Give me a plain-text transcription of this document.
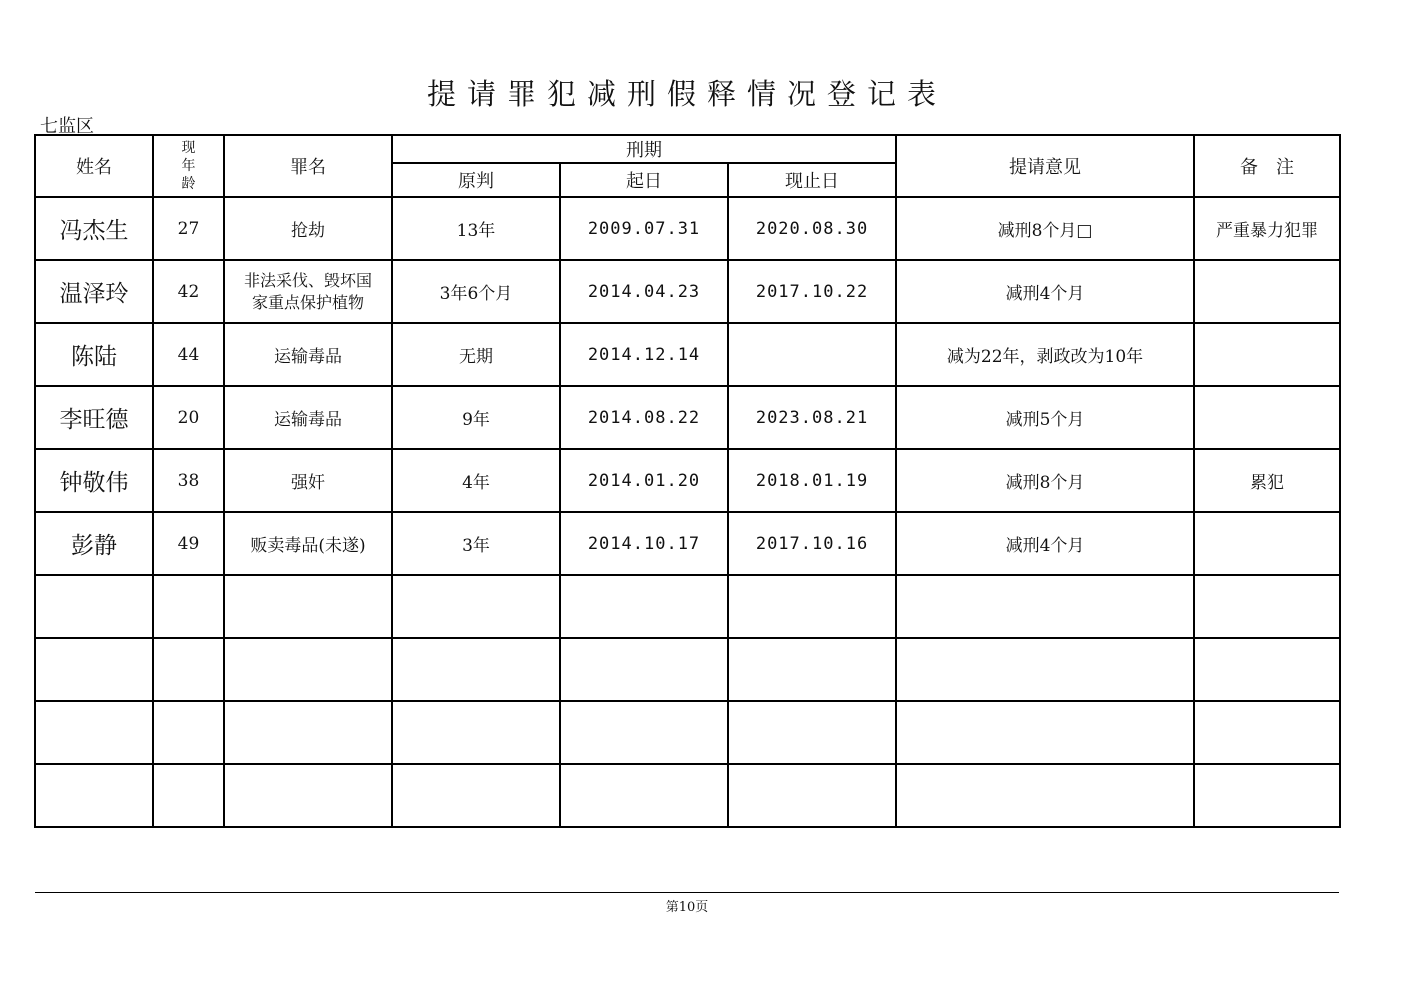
提请罪犯减刑假释情况登记表
七监区
姓名	现
年
龄	罪名	刑期			提请意见	备　注
			原判	起日	现止日		
冯杰生	27	抢劫	13年	2009.07.31	2020.08.30	减刑8个月□	严重暴力犯罪
温泽玲	42	非法采伐、毁坏国
家重点保护植物	3年6个月	2014.04.23	2017.10.22	减刑4个月	
陈陆	44	运输毒品	无期	2014.12.14		减为22年，剥政改为10年	
李旺德	20	运输毒品	9年	2014.08.22	2023.08.21	减刑5个月	
钟敬伟	38	强奸	4年	2014.01.20	2018.01.19	减刑8个月	累犯
彭静	49	贩卖毒品(未遂)	3年	2014.10.17	2017.10.16	减刑4个月	

第10页
